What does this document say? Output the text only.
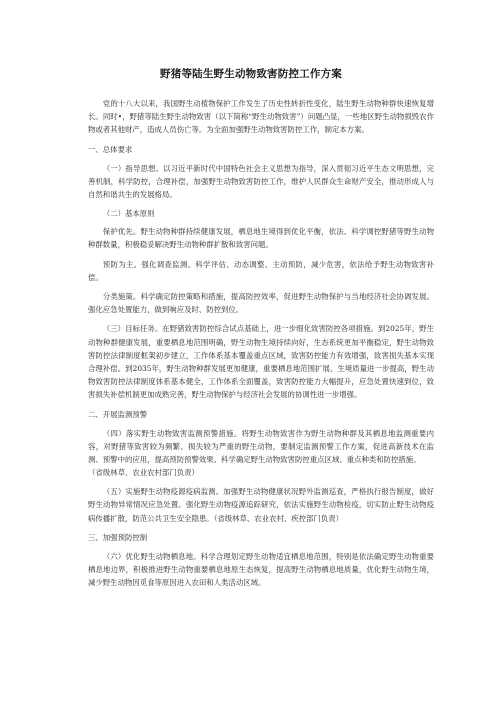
野猪等陆生野生动物致害防控工作方案

党的十八大以来，我国野生动植物保护工作发生了历史性转折性变化，陆生野生动物种群快速恢复增长。同时•，野猪等陆生野生动物致害（以下简称“野生动物致害”）问题凸显，一些地区野生动物损毁农作物或者其他财产，造成人员伤亡等。为全面加强野生动物致害防控工作，制定本方案。

一、总体要求

（一）指导思想。以习近平新时代中国特色社会主义思想为指导，深入贯彻习近平生态文明思想，完善机制，科学防控，合理补偿，加强野生动物致害防控工作，维护人民群众生命财产安全，推动形成人与自然和谐共生的发展格局。

（二）基本原则

保护优先。野生动物种群持续健康发展，栖息地生境得到优化平衡，依法、科学调控野猪等野生动物种群数量，积极稳妥解决野生动物种群扩散和致害问题。

预防为主。强化调查监测、科学评估、动态调整、主动预防，减少危害，依法给予野生动物致害补偿。

分类施策。科学确定防控策略和措施，提高防控效率，促进野生动物保护与当地经济社会协调发展。强化应急处置能力，做到响应及时、防控到位。

（三）目标任务。在野猪致害防控综合试点基础上，进一步细化致害防控各项措施。到2025年，野生动物种群健康发展，重要栖息地范围明确，野生动物生境持续向好，生态系统更加平衡稳定，野生动物致害防控法律制度框架初步建立，工作体系基本覆盖重点区域，致害防控能力有效增强，致害损失基本实现合理补偿。到2035年，野生动物种群发展更加健康，重要栖息地范围扩展、生境质量进一步提高，野生动物致害防控法律制度体系基本健全，工作体系全面覆盖，致害防控能力大幅提升，应急处置快速到位，致害损失补偿机制更加成熟完善，野生动物保护与经济社会发展的协调性进一步增强。

二、开展监测预警

（四）落实野生动物致害监测预警措施。将野生动物致害作为野生动物种群及其栖息地监测重要内容，对野猪等致害较为频繁、损失较为严重的野生动物，要制定监测预警工作方案，促进高新技术在监测、预警中的应用，提高预防预警效果。科学确定野生动物致害防控重点区域、重点种类和防控措施。

（省级林草、农业农村部门负责）

（五）实施野生动物疫源疫病监测。加强野生动物健康状况野外监测巡查，严格执行报告制度，做好野生动物异常情况应急处置。强化野生动物疫源追踪研究，依法实施野生动物检疫，切实防止野生动物疫病传播扩散，防范公共卫生安全隐患。（省级林草、农业农村、疾控部门负责）

三、加强预防控制

（六）优化野生动物栖息地。科学合理划定野生动物适宜栖息地范围，特别是依法确定野生动物重要栖息地边界，积极推进野生动物重要栖息地原生态恢复，提高野生动物栖息地质量，优化野生动物生境，减少野生动物因觅食等原因进入农田和人类活动区域。
